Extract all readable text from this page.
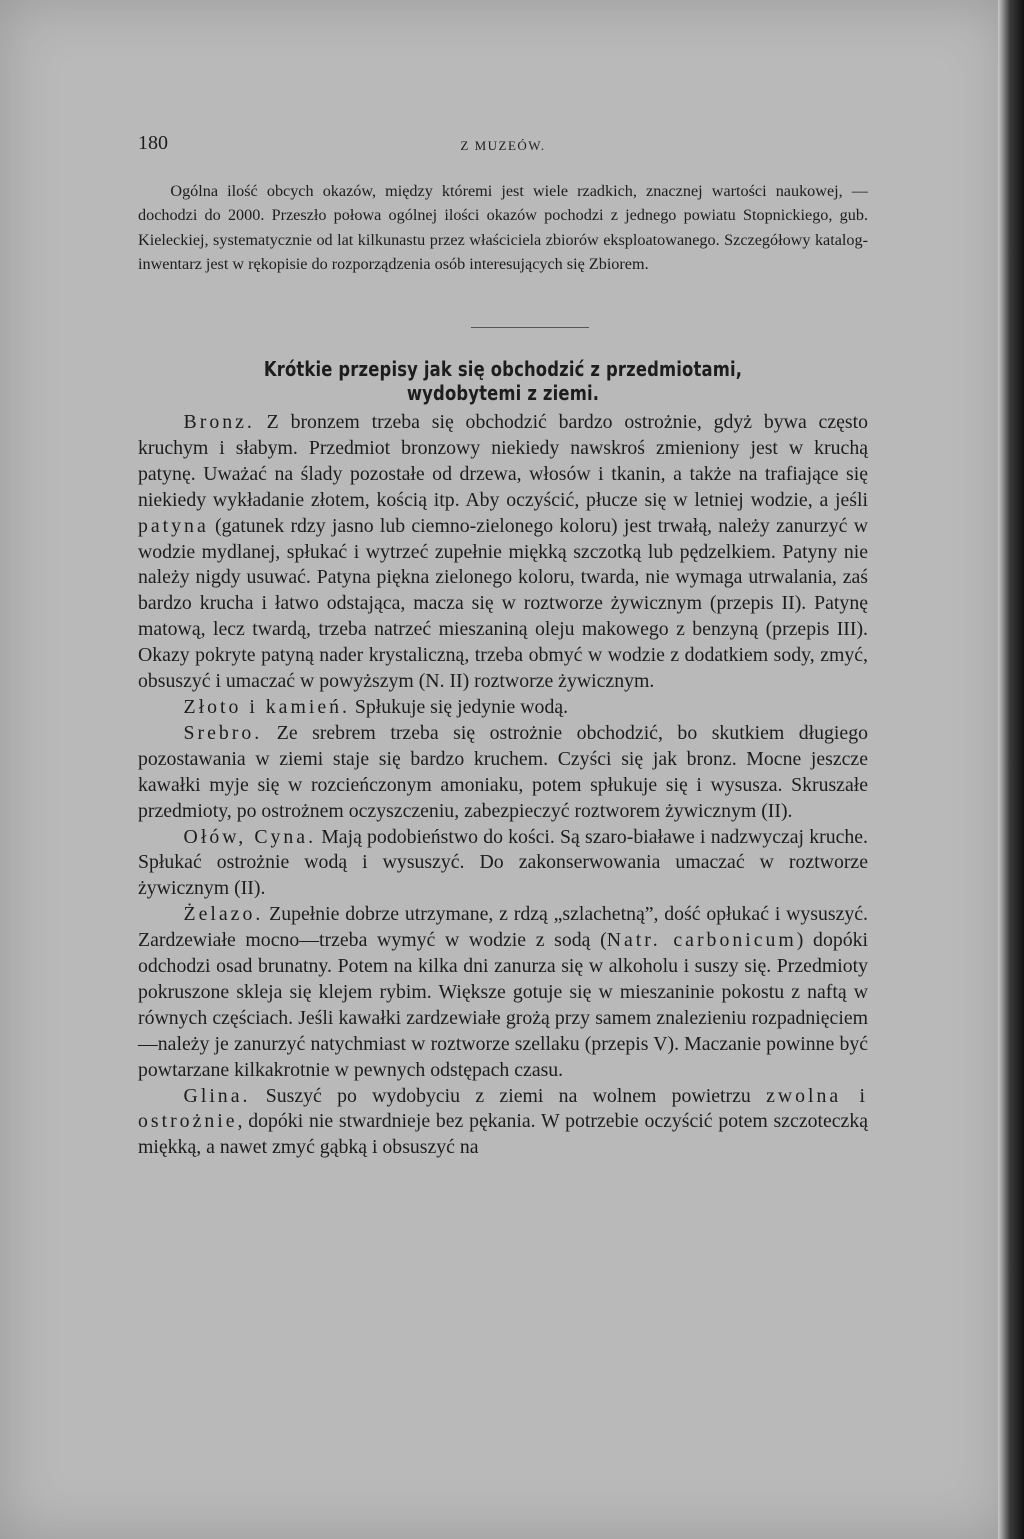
180	Z MUZEÓW.

Ogólna ilość obcych okazów, między któremi jest wiele rzadkich, znacznej wartości naukowej, — dochodzi do 2000. Przeszło połowa ogólnej ilości okazów pochodzi z jednego powiatu Stopnickiego, gub. Kieleckiej, systematycznie od lat kilkunastu przez właściciela zbiorów eksploatowanego. Szczegółowy katalog-inwentarz jest w rękopisie do rozporządzenia osób interesujących się Zbiorem.

Krótkie przepisy jak się obchodzić z przedmiotami, wydobytemi z ziemi.

Bronz. Z bronzem trzeba się obchodzić bardzo ostrożnie, gdyż bywa często kruchym i słabym. Przedmiot bronzowy niekiedy nawskroś zmieniony jest w kruchą patynę. Uważać na ślady pozostałe od drzewa, włosów i tkanin, a także na trafiające się niekiedy wykładanie złotem, kością itp. Aby oczyścić, płucze się w letniej wodzie, a jeśli patyna (gatunek rdzy jasno lub ciemno-zielonego koloru) jest trwałą, należy zanurzyć w wodzie mydlanej, spłukać i wytrzeć zupełnie miękką szczotką lub pędzelkiem. Patyny nie należy nigdy usuwać. Patyna piękna zielonego koloru, twarda, nie wymaga utrwalania, zaś bardzo krucha i łatwo odstająca, macza się w roztworze żywicznym (przepis II). Patynę matową, lecz twardą, trzeba natrzeć mieszaniną oleju makowego z benzyną (przepis III). Okazy pokryte patyną nader krystaliczną, trzeba obmyć w wodzie z dodatkiem sody, zmyć, obsuszyć i umaczać w powyższym (N. II) roztworze żywicznym.

Złoto i kamień. Spłukuje się jedynie wodą.

Srebro. Ze srebrem trzeba się ostrożnie obchodzić, bo skutkiem długiego pozostawania w ziemi staje się bardzo kruchem. Czyści się jak bronz. Mocne jeszcze kawałki myje się w rozcieńczonym amoniaku, potem spłukuje się i wysusza. Skruszałe przedmioty, po ostrożnem oczyszczeniu, zabezpieczyć roztworem żywicznym (II).

Ołów, Cyna. Mają podobieństwo do kości. Są szaro-białawe i nadzwyczaj kruche. Spłukać ostrożnie wodą i wysuszyć. Do zakonserwowania umaczać w roztworze żywicznym (II).

Żelazo. Zupełnie dobrze utrzymane, z rdzą „szlachetną”, dość opłukać i wysuszyć. Zardzewiałe mocno—trzeba wymyć w wodzie z sodą (Natr. carbonicum) dopóki odchodzi osad brunatny. Potem na kilka dni zanurza się w alkoholu i suszy się. Przedmioty pokruszone skleja się klejem rybim. Większe gotuje się w mieszaninie pokostu z naftą w równych częściach. Jeśli kawałki zardzewiałe grożą przy samem znalezieniu rozpadnięciem—należy je zanurzyć natychmiast w roztworze szellaku (przepis V). Maczanie powinne być powtarzane kilkakrotnie w pewnych odstępach czasu.

Glina. Suszyć po wydobyciu z ziemi na wolnem powietrzu zwolna i ostrożnie, dopóki nie stwardnieje bez pękania. W potrzebie oczyścić potem szczoteczką miękką, a nawet zmyć gąbką i obsuszyć na
